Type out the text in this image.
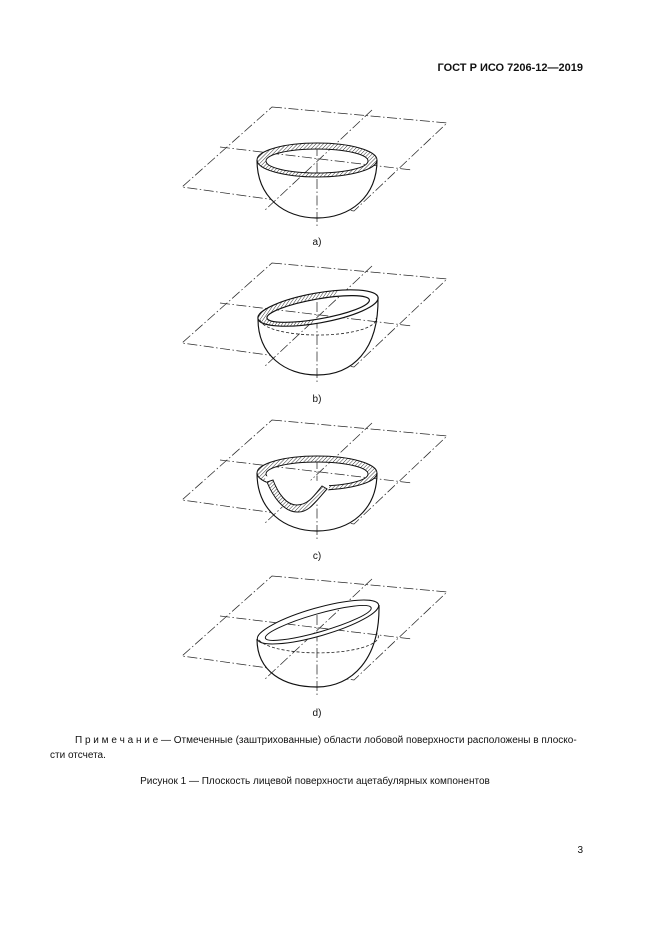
ГОСТ Р ИСО 7206-12—2019
a)
b)
c)
d)
П р и м е ч а н и е — Отмеченные (заштрихованные) области лобовой поверхности расположены в плоско-
сти отсчета.
Рисунок 1 — Плоскость лицевой поверхности ацетабулярных компонентов
3
